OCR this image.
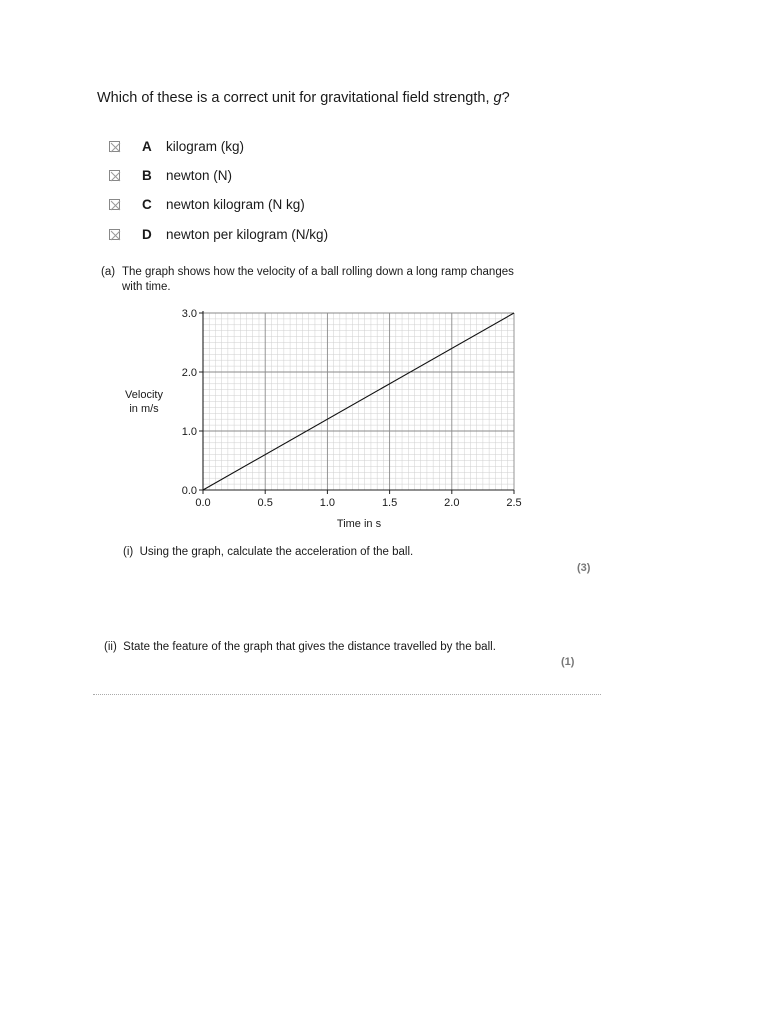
Which of these is a correct unit for gravitational field strength, g?
A	kilogram (kg)
B	newton (N)
C	newton kilogram (N kg)
D	newton per kilogram (N/kg)
(a) The graph shows how the velocity of a ball rolling down a long ramp changes
with time.
0.0	0.5	1.0	1.5	2.0	2.5
0.0
1.0
2.0
3.0
Time in s
Velocity
in m/s
(i) Using the graph, calculate the acceleration of the ball.
(3)
(ii) State the feature of the graph that gives the distance travelled by the ball.
(1)
